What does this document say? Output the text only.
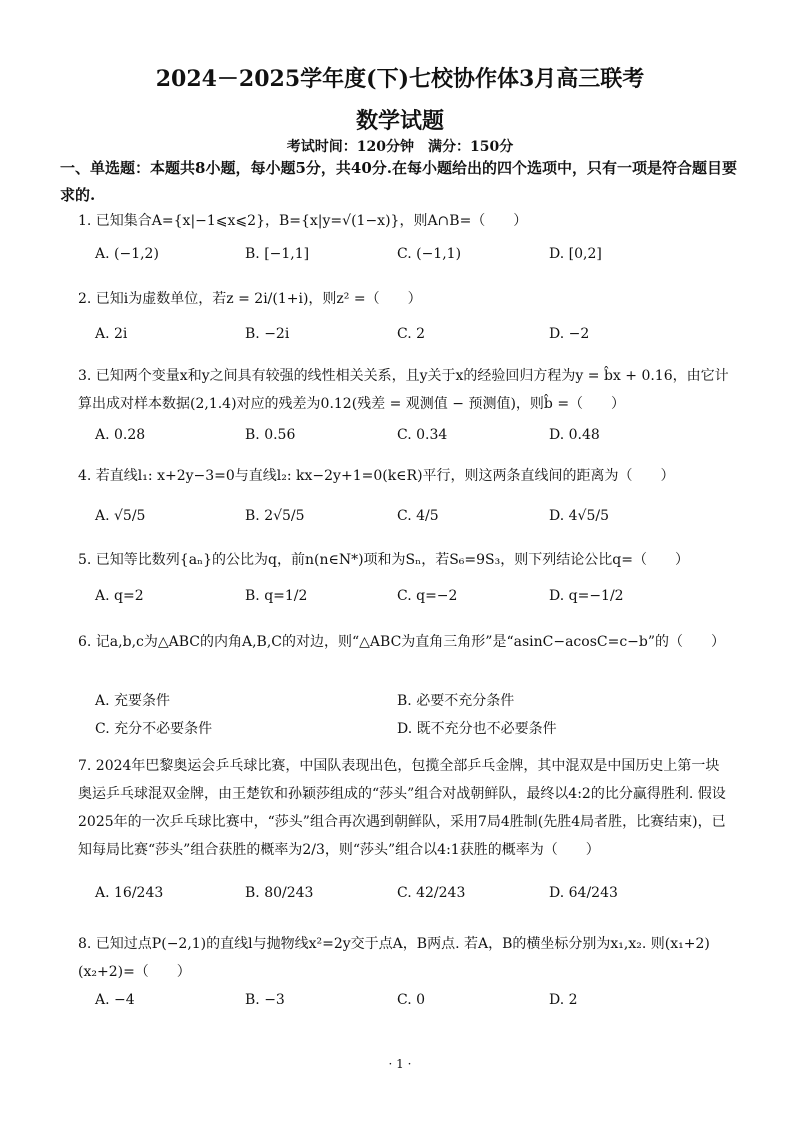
2024－2025学年度(下)七校协作体3月高三联考
数学试题
考试时间：120分钟　满分：150分
一、单选题：本题共8小题，每小题5分，共40分.在每小题给出的四个选项中，只有一项是符合题目要求的.
1. 已知集合A={x|−1⩽x⩽2}，B={x|y=√(1−x)}，则A∩B=（　　）
A. (−1,2)	B. [−1,1]	C. (−1,1)	D. [0,2]
2. 已知i为虚数单位，若z = 2i/(1+i)，则z² =（　　）
A. 2i	B. −2i	C. 2	D. −2
3. 已知两个变量x和y之间具有较强的线性相关关系，且y关于x的经验回归方程为y = b̂x + 0.16，由它计算出成对样本数据(2,1.4)对应的残差为0.12(残差 = 观测值 − 预测值)，则b̂ =（　　）
A. 0.28	B. 0.56	C. 0.34	D. 0.48
4. 若直线l₁: x+2y−3=0与直线l₂: kx−2y+1=0(k∈R)平行，则这两条直线间的距离为（　　）
A. √5/5	B. 2√5/5	C. 4/5	D. 4√5/5
5. 已知等比数列{aₙ}的公比为q，前n(n∈N*)项和为Sₙ，若S₆=9S₃，则下列结论公比q=（　　）
A. q=2	B. q=1/2	C. q=−2	D. q=−1/2
6. 记a,b,c为△ABC的内角A,B,C的对边，则“△ABC为直角三角形”是“asinC−acosC=c−b”的（　　）
A. 充要条件	B. 必要不充分条件
C. 充分不必要条件	D. 既不充分也不必要条件
7. 2024年巴黎奥运会乒乓球比赛，中国队表现出色，包揽全部乒乓金牌，其中混双是中国历史上第一块奥运乒乓球混双金牌，由王楚钦和孙颖莎组成的“莎头”组合对战朝鲜队，最终以4:2的比分赢得胜利. 假设2025年的一次乒乓球比赛中，“莎头”组合再次遇到朝鲜队，采用7局4胜制(先胜4局者胜，比赛结束)，已知每局比赛“莎头”组合获胜的概率为2/3，则“莎头”组合以4:1获胜的概率为（　　）
A. 16/243	B. 80/243	C. 42/243	D. 64/243
8. 已知过点P(−2,1)的直线l与抛物线x²=2y交于点A，B两点. 若A，B的横坐标分别为x₁,x₂. 则(x₁+2)(x₂+2)=（　　）
A. −4	B. −3	C. 0	D. 2
· 1 ·
